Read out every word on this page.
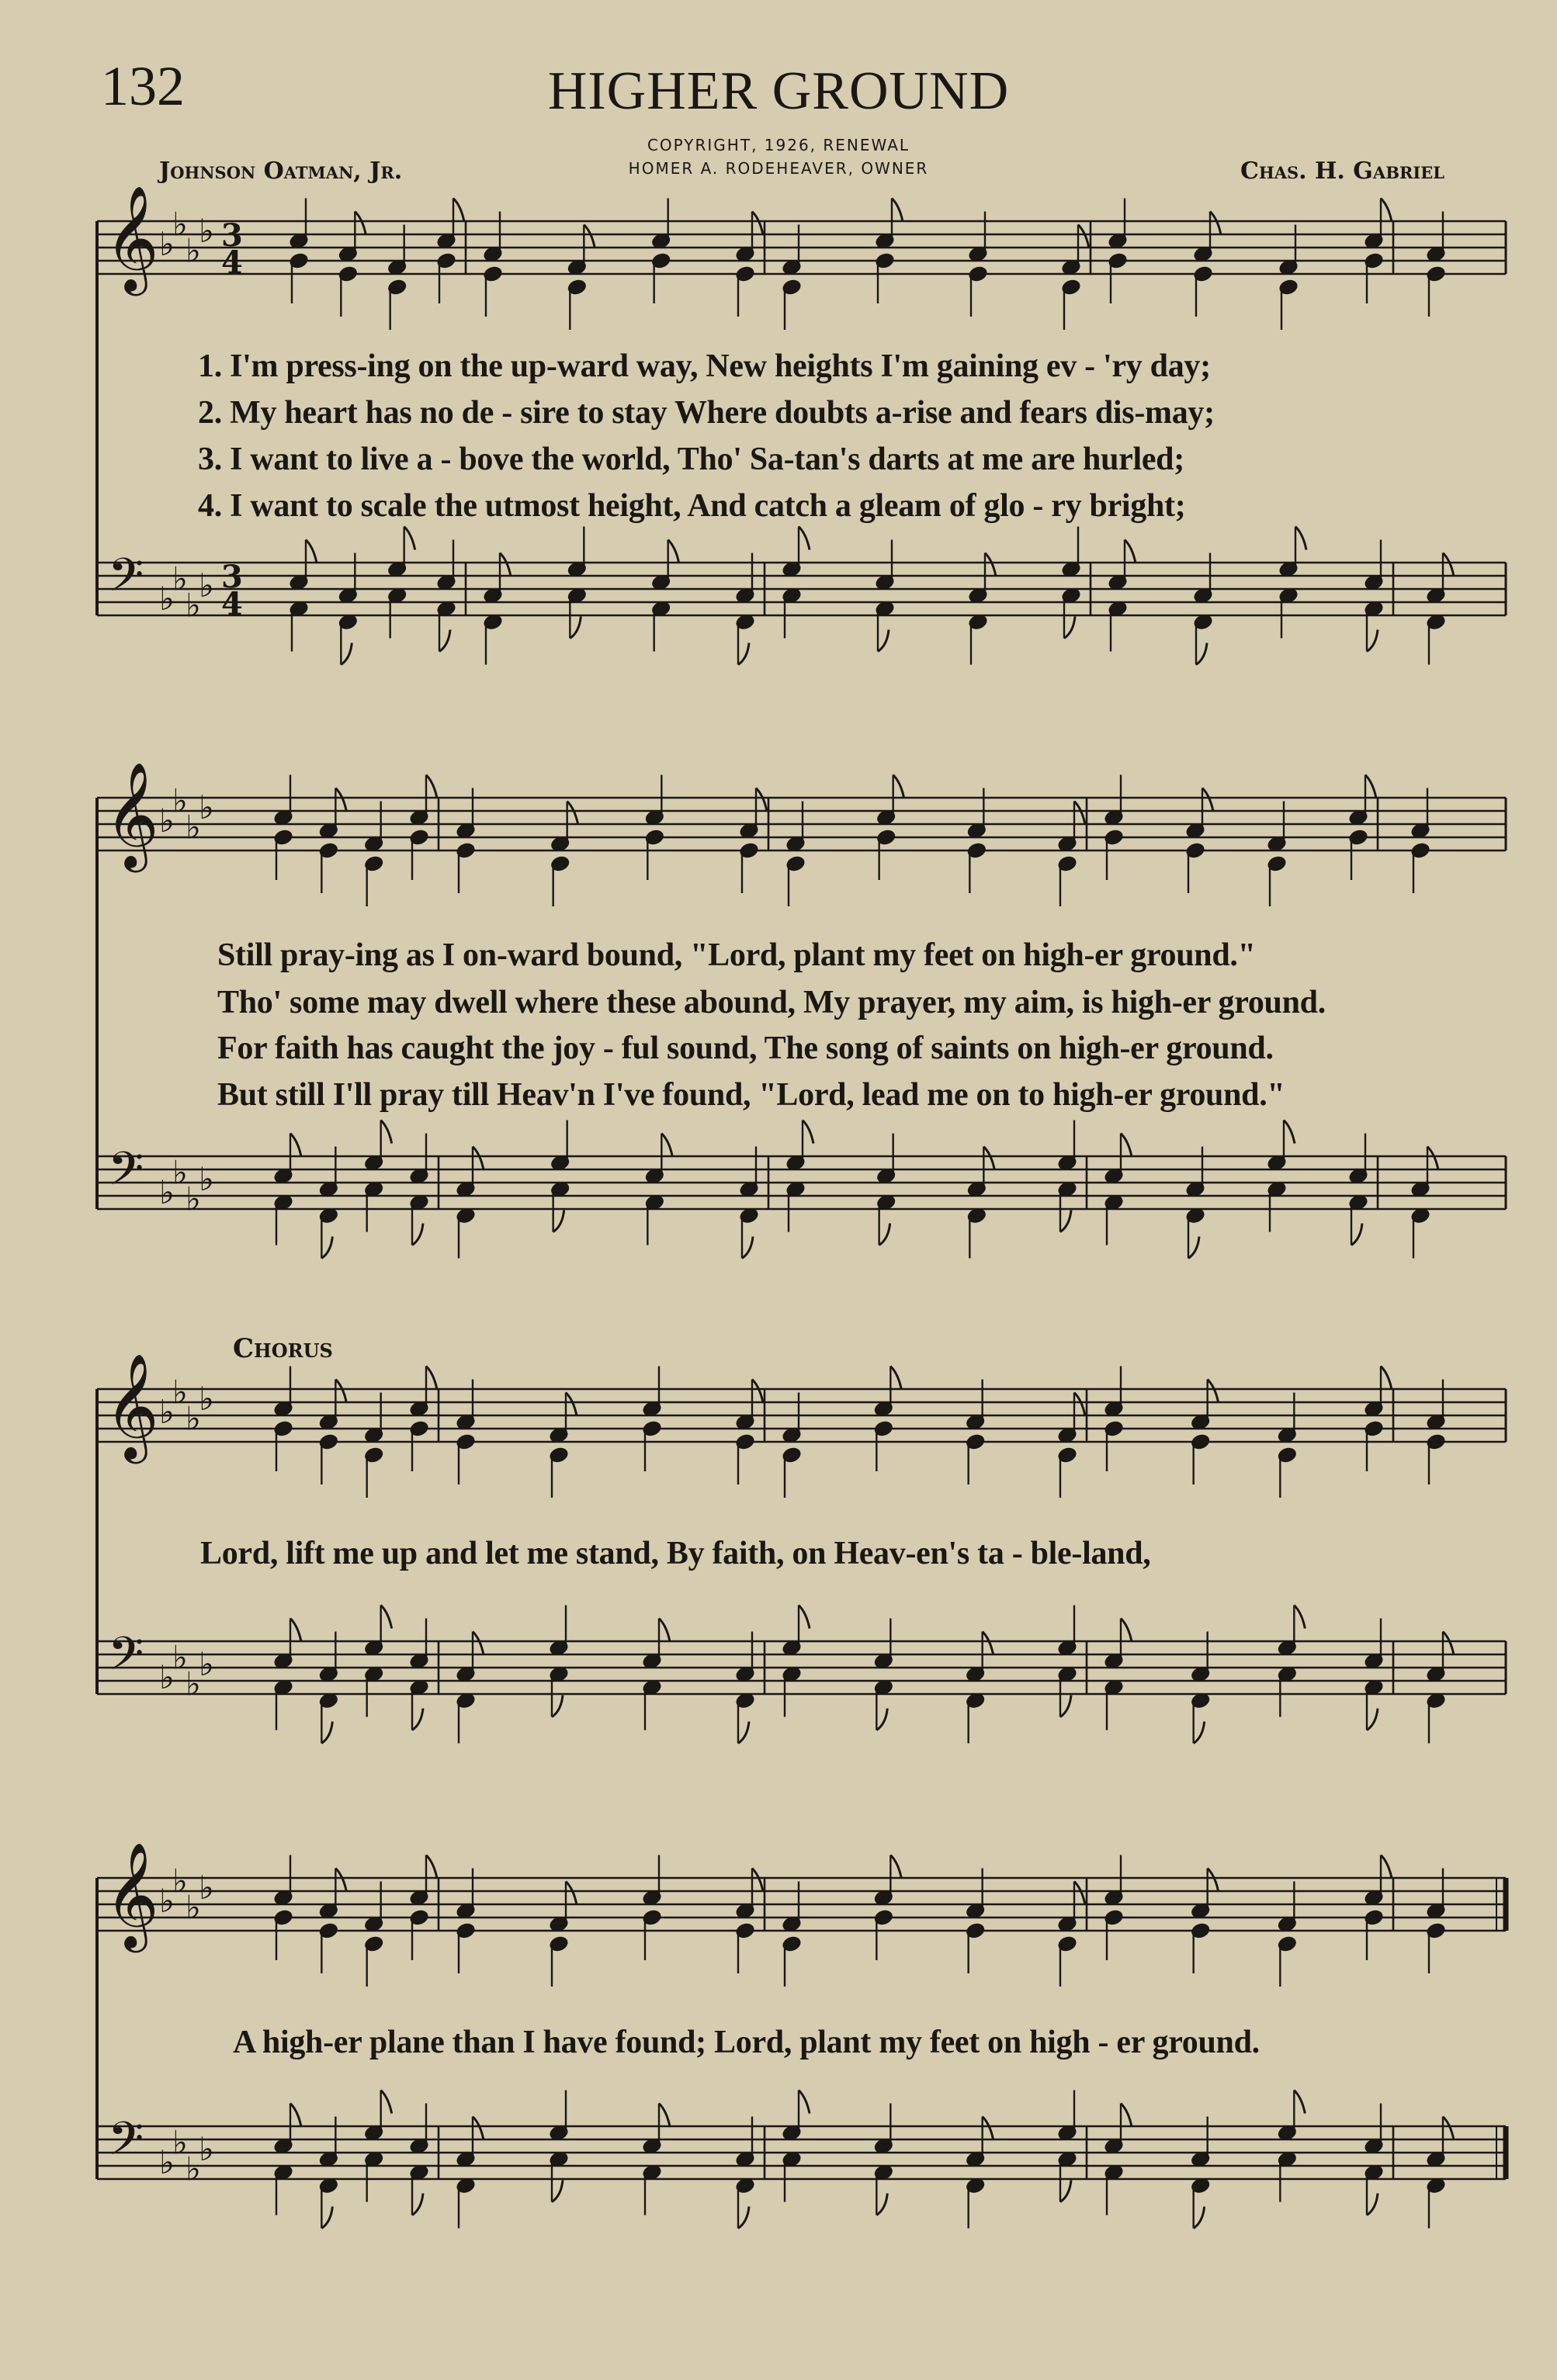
132	HIGHER GROUND
COPYRIGHT, 1926, RENEWAL
HOMER A. RODEHEAVER, OWNER
Johnson Oatman, Jr.	Chas. H. Gabriel
𝄞 ♭
♭
♭
♭ 3
4
𝄢 ♭
♭
♭
♭ 3
4
𝄞 ♭
♭
♭
♭
𝄢 ♭
♭
♭
♭
𝄞 ♭
♭
♭
♭
𝄢 ♭
♭
♭
♭
𝄞 ♭
♭
♭
♭
𝄢 ♭
♭
♭
♭
1. I'm press-ing on the up-ward way, New heights I'm gaining ev - 'ry day;
2. My heart has no de - sire to stay Where doubts a-rise and fears dis-may;
3. I want to live a - bove the world, Tho' Sa-tan's darts at me are hurled;
4. I want to scale the utmost height, And catch a gleam of glo - ry bright;
Still pray-ing as I on-ward bound, "Lord, plant my feet on high-er ground."
Tho' some may dwell where these abound, My prayer, my aim, is high-er ground.
For faith has caught the joy - ful sound, The song of saints on high-er ground.
But still I'll pray till Heav'n I've found, "Lord, lead me on to high-er ground."
Chorus
Lord, lift me up and let me stand, By faith, on Heav-en's ta - ble-land,
A high-er plane than I have found; Lord, plant my feet on high - er ground.
